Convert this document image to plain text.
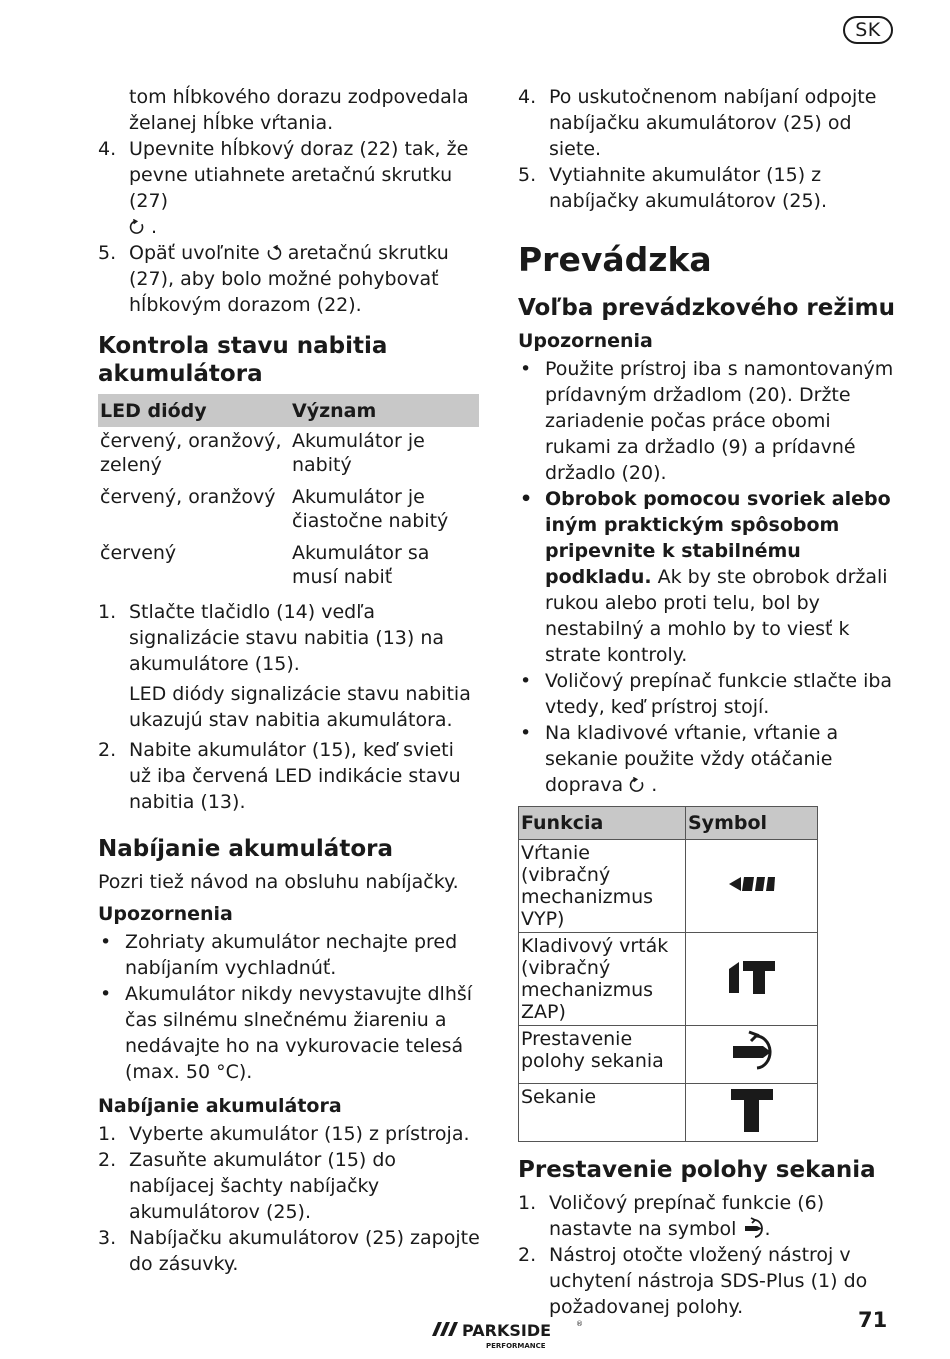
SK
tom hĺbkového dorazu zodpovedala želanej hĺbke vŕtania.
4. Upevnite hĺbkový doraz (22) tak, že pevne utiahnete aretačnú skrutku (27)
.
5. Opäť uvoľnite aretačnú skrutku (27), aby bolo možné pohybovať hĺbkovým dorazom (22).
Kontrola stavu nabitia akumulátora
LED diódy	Význam
červený, oranžový, zelený	Akumulátor je nabitý
červený, oranžový	Akumulátor je čiastočne nabitý
červený	Akumulátor sa musí nabiť
1. Stlačte tlačidlo (14) vedľa signalizácie stavu nabitia (13) na akumulátore (15).
LED diódy signalizácie stavu nabitia ukazujú stav nabitia akumulátora.
2. Nabite akumulátor (15), keď svieti už iba červená LED indikácie stavu nabitia (13).
Nabíjanie akumulátora
Pozri tiež návod na obsluhu nabíjačky.
Upozornenia
• Zohriaty akumulátor nechajte pred nabíjaním vychladnúť.
• Akumulátor nikdy nevystavujte dlhší čas silnému slnečnému žiareniu a nedávajte ho na vykurovacie telesá (max. 50 °C).
Nabíjanie akumulátora
1. Vyberte akumulátor (15) z prístroja.
2. Zasuňte akumulátor (15) do nabíjacej šachty nabíjačky akumulátorov (25).
3. Nabíjačku akumulátorov (25) zapojte do zásuvky.
4. Po uskutočnenom nabíjaní odpojte nabíjačku akumulátorov (25) od siete.
5. Vytiahnite akumulátor (15) z nabíjačky akumulátorov (25).
Prevádzka
Voľba prevádzkového režimu
Upozornenia
• Použite prístroj iba s namontovaným prídavným držadlom (20). Držte zariadenie počas práce obomi rukami za držadlo (9) a prídavné držadlo (20).
• Obrobok pomocou svoriek alebo iným praktickým spôsobom pripevnite k stabilnému podkladu. Ak by ste obrobok držali rukou alebo proti telu, bol by nestabilný a mohlo by to viesť k strate kontroly.
• Voličový prepínač funkcie stlačte iba vtedy, keď prístroj stojí.
• Na kladivové vŕtanie, vŕtanie a sekanie použite vždy otáčanie doprava .
Funkcia	Symbol
Vŕtanie (vibračný mechanizmus VYP)	
Kladivový vrták (vibračný mechanizmus ZAP)	
Prestavenie polohy sekania	
Sekanie	
Prestavenie polohy sekania
1. Voličový prepínač funkcie (6) nastavte na symbol .
2. Nástroj otočte vložený nástroj v uchytení nástroja SDS-Plus (1) do požadovanej polohy.
PARKSIDE	®
PERFORMANCE
71
